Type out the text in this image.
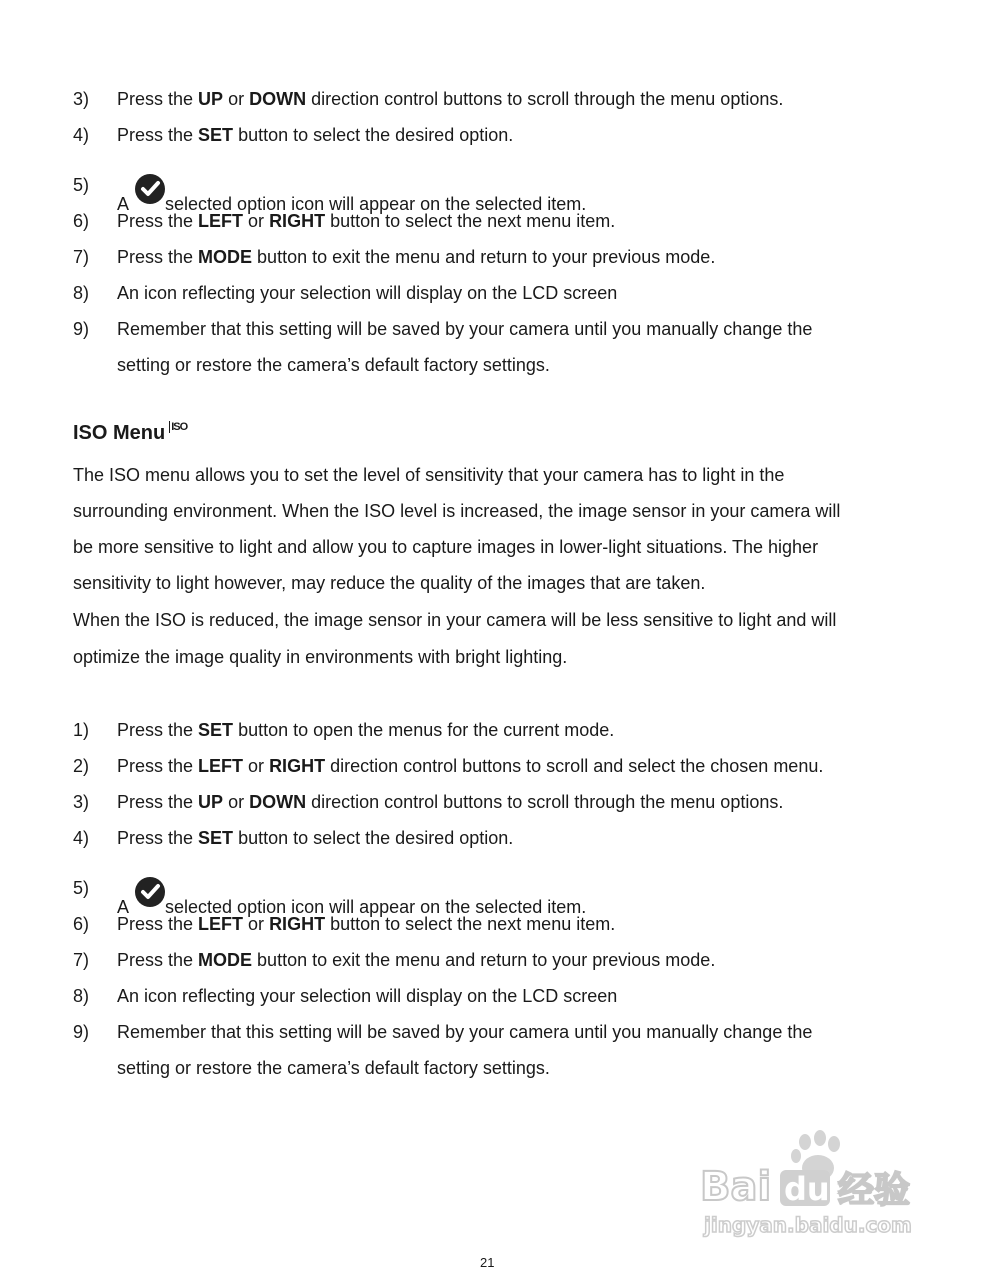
3) Press the UP or DOWN direction control buttons to scroll through the menu options.
4) Press the SET button to select the desired option.
5)
A selected option icon will appear on the selected item.
6) Press the LEFT or RIGHT button to select the next menu item.
7) Press the MODE button to exit the menu and return to your previous mode.
8) An icon reflecting your selection will display on the LCD screen
9) Remember that this setting will be saved by your camera until you manually change the
setting or restore the camera’s default factory settings.
ISO Menu $^{ISO}$
The ISO menu allows you to set the level of sensitivity that your camera has to light in the
surrounding environment. When the ISO level is increased, the image sensor in your camera will
be more sensitive to light and allow you to capture images in lower-light situations. The higher
sensitivity to light however, may reduce the quality of the images that are taken.
When the ISO is reduced, the image sensor in your camera will be less sensitive to light and will
optimize the image quality in environments with bright lighting.
1) Press the SET button to open the menus for the current mode.
2) Press the LEFT or RIGHT direction control buttons to scroll and select the chosen menu.
3) Press the UP or DOWN direction control buttons to scroll through the menu options.
4) Press the SET button to select the desired option.
5)
A selected option icon will appear on the selected item.
6) Press the LEFT or RIGHT button to select the next menu item.
7) Press the MODE button to exit the menu and return to your previous mode.
8) An icon reflecting your selection will display on the LCD screen
9) Remember that this setting will be saved by your camera until you manually change the
setting or restore the camera’s default factory settings.
Bai du 经验
jingyan.baidu.com
21
